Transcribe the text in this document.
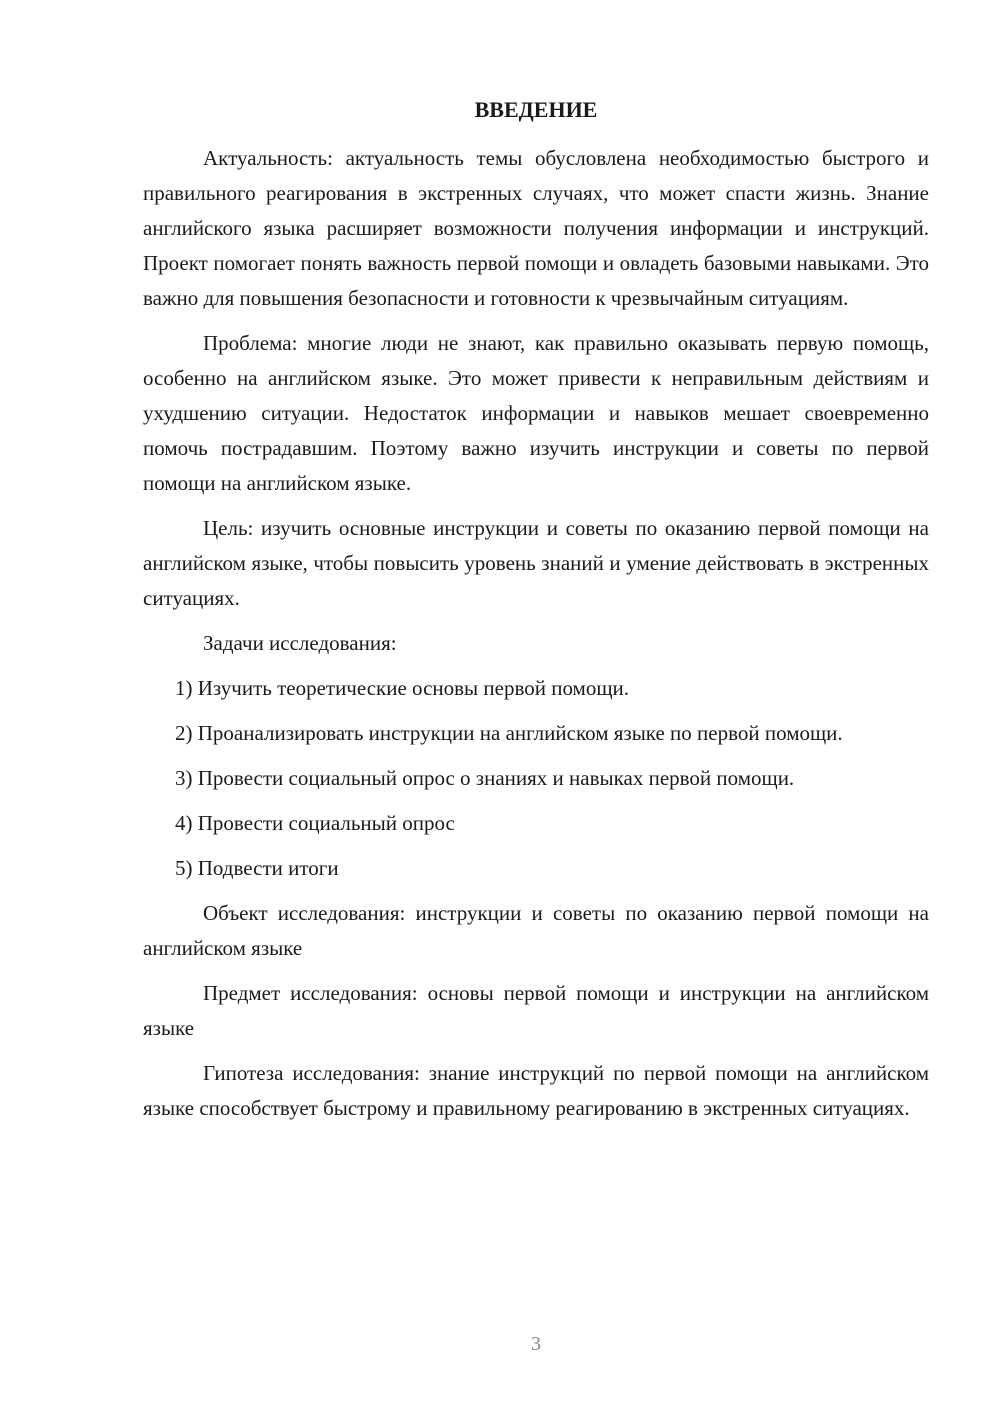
ВВЕДЕНИЕ

Актуальность: актуальность темы обусловлена необходимостью быстрого и правильного реагирования в экстренных случаях, что может спасти жизнь. Знание английского языка расширяет возможности получения информации и инструкций. Проект помогает понять важность первой помощи и овладеть базовыми навыками. Это важно для повышения безопасности и готовности к чрезвычайным ситуациям.

Проблема: многие люди не знают, как правильно оказывать первую помощь, особенно на английском языке. Это может привести к неправильным действиям и ухудшению ситуации. Недостаток информации и навыков мешает своевременно помочь пострадавшим. Поэтому важно изучить инструкции и советы по первой помощи на английском языке.

Цель: изучить основные инструкции и советы по оказанию первой помощи на английском языке, чтобы повысить уровень знаний и умение действовать в экстренных ситуациях.

Задачи исследования:

1) Изучить теоретические основы первой помощи.

2) Проанализировать инструкции на английском языке по первой помощи.

3) Провести социальный опрос о знаниях и навыках первой помощи.

4) Провести социальный опрос

5) Подвести итоги

Объект исследования: инструкции и советы по оказанию первой помощи на английском языке

Предмет исследования: основы первой помощи и инструкции на английском языке

Гипотеза исследования: знание инструкций по первой помощи на английском языке способствует быстрому и правильному реагированию в экстренных ситуациях.

3
